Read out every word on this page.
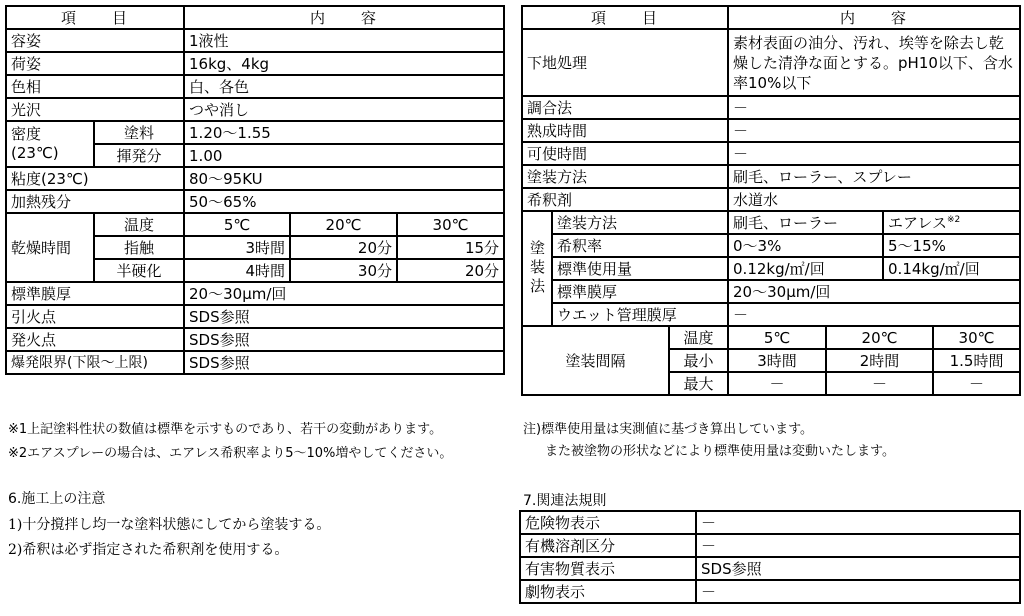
項　　目		内　　容		
容姿		1液性		
荷姿		16kg、4kg		
色相		白、各色		
光沢		つや消し		
密度
(23℃)	塗料	1.20～1.55		
	揮発分	1.00		
粘度(23℃)		80～95KU		
加熱残分		50～65%		
乾燥時間	温度	5℃	20℃	30℃
	指触	3時間	20分	15分
	半硬化	4時間	30分	20分
標準膜厚		20～30μm/回		
引火点		SDS参照		
発火点		SDS参照		
爆発限界(下限～上限)		SDS参照		
項　　目			内　　容			
下地処理			素材表面の油分、汚れ、埃等を除去し乾燥した清浄な面とする。pH10以下、含水率10%以下			
調合法			－			
熟成時間			－			
可使時間			－			
塗装方法			刷毛、ローラー、スプレー			
希釈剤			水道水			
塗装法	塗装方法		刷毛、ローラー		エアレス$^{※2}$
	希釈率		0～3%		5～15%	
	標準使用量		0.12kg/㎡/回		0.14kg/㎡/回	
	標準膜厚		20～30μm/回			
	ウエット管理膜厚		－			
塗装間隔		温度	5℃	20℃		30℃
		最小	3時間	2時間		1.5時間
		最大	－	－		－
※1上記塗料性状の数値は標準を示すものであり、若干の変動があります。
※2エアスプレーの場合は、エアレス希釈率より5～10%増やしてください。
注)標準使用量は実測値に基づき算出しています。
また被塗物の形状などにより標準使用量は変動いたします。
6.施工上の注意
1)十分撹拌し均一な塗料状態にしてから塗装する。
2)希釈は必ず指定された希釈剤を使用する。
7.関連法規則
危険物表示	－
有機溶剤区分	－
有害物質表示	SDS参照
劇物表示	－
